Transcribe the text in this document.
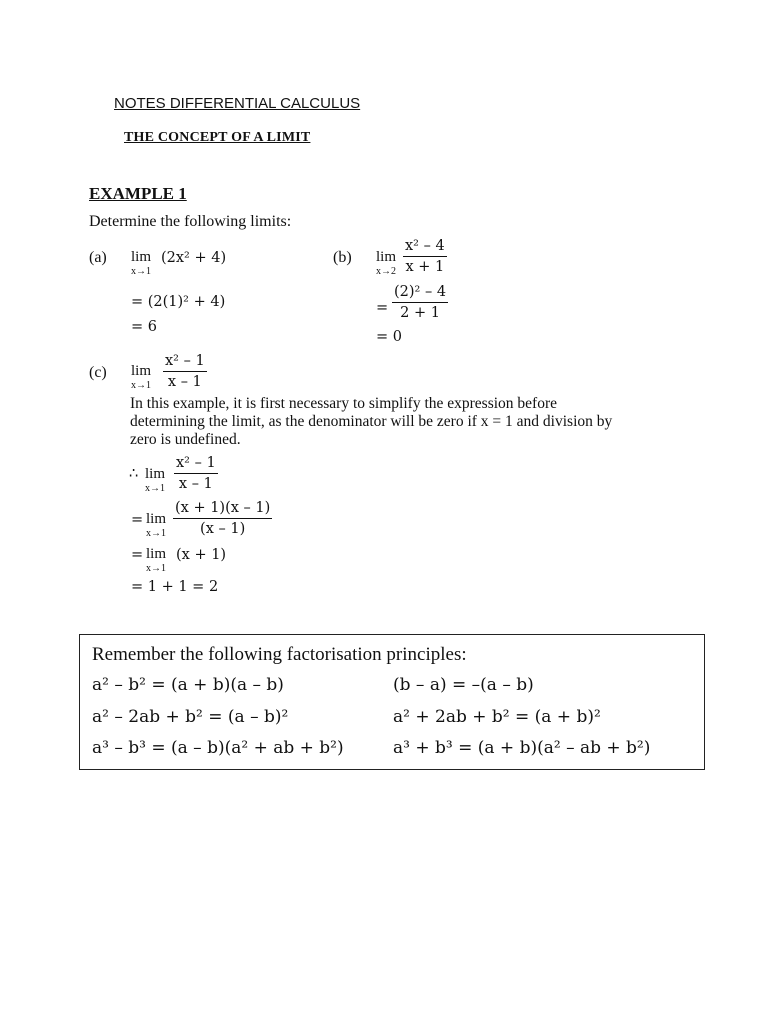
NOTES DIFFERENTIAL CALCULUS
THE CONCEPT OF A LIMIT
EXAMPLE 1
Determine the following limits:
(a) lim
x→1
(2x² + 4)
= (2(1)² + 4)
= 6
(b) lim
$x\to 2 \frac{\text{x² – 4}}{x + 1}$
= $\frac{\text{(2)² – 4}}{2 + 1}$
= 0
(c) lim
$x\to 1 \frac{\text{x² – 1}}{x - 1}$
In this example, it is first necessary to simplify the expression before
determining the limit, as the denominator will be zero if x = 1 and division by
zero is undefined.
∴ lim
$x\to 1 \frac{\text{x² – 1}}{x - 1}$
= lim
$x\to 1 \frac{(x + 1)(x - 1)}{(x - 1)}$
= lim
x→1
(x + 1)
= 1 + 1 = 2
Remember the following factorisation principles:
a² – b² = (a + b)(a – b)	(b – a) = –(a – b)
a² – 2ab + b² = (a – b)²	a² + 2ab + b² = (a + b)²
a³ – b³ = (a – b)(a² + ab + b²)	a³ + b³ = (a + b)(a² – ab + b²)
